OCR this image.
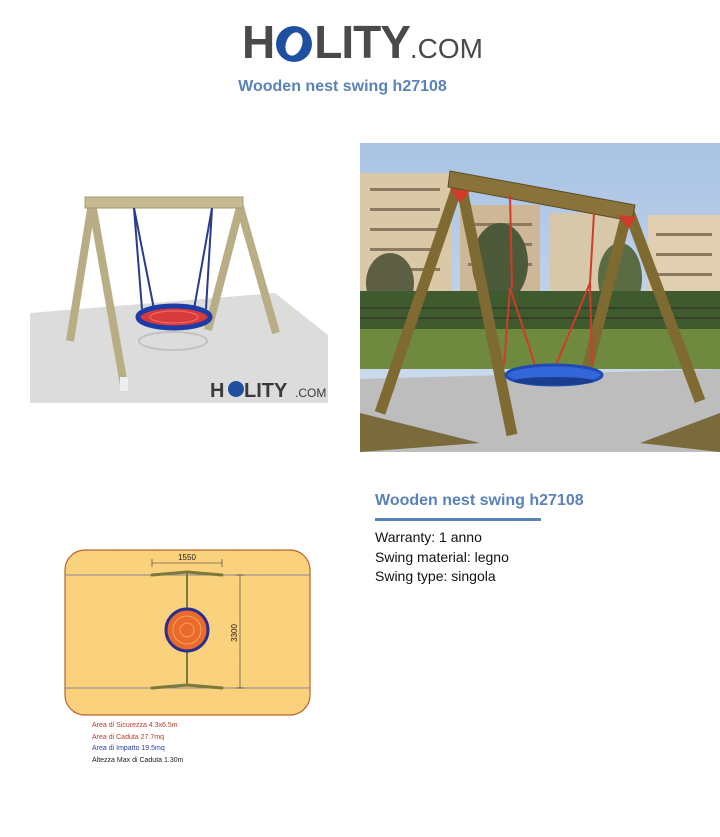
H LITY.COM
Wooden nest swing h27108
H LITY .COM
1550
3300
Area di Sicurezza 4.3x6.5m
Area di Caduta 27.7mq
Area di Impatto 19.5mq
Altezza Max di Caduta 1.30m
Wooden nest swing h27108
Warranty: 1 anno
Swing material: legno
Swing type: singola
